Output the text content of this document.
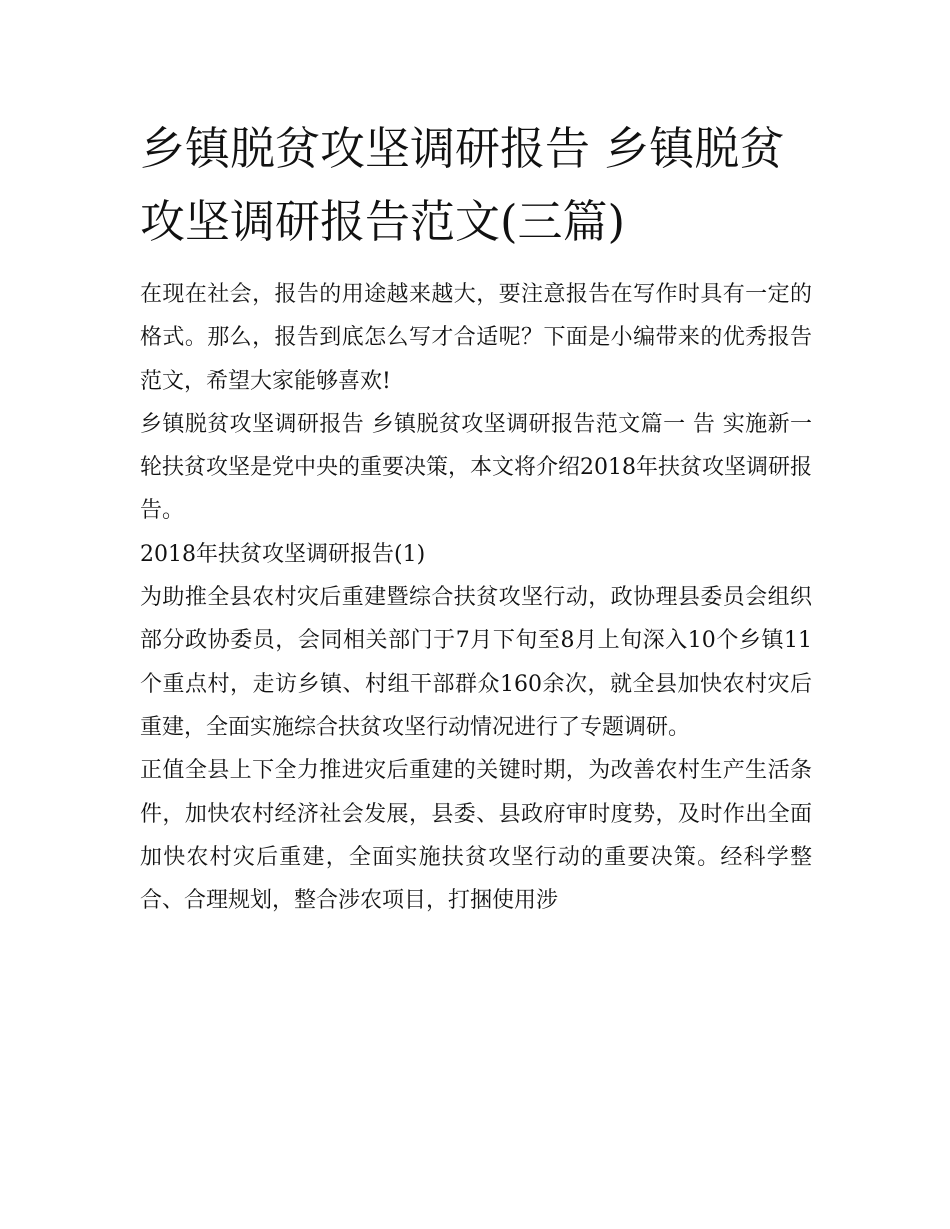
乡镇脱贫攻坚调研报告 乡镇脱贫攻坚调研报告范文(三篇)

在现在社会，报告的用途越来越大，要注意报告在写作时具有一定的格式。那么，报告到底怎么写才合适呢？下面是小编带来的优秀报告范文，希望大家能够喜欢!

乡镇脱贫攻坚调研报告 乡镇脱贫攻坚调研报告范文篇一 告 实施新一轮扶贫攻坚是党中央的重要决策，本文将介绍2018年扶贫攻坚调研报告。

2018年扶贫攻坚调研报告(1)

为助推全县农村灾后重建暨综合扶贫攻坚行动，政协理县委员会组织部分政协委员，会同相关部门于7月下旬至8月上旬深入10个乡镇11个重点村，走访乡镇、村组干部群众160余次，就全县加快农村灾后重建，全面实施综合扶贫攻坚行动情况进行了专题调研。

正值全县上下全力推进灾后重建的关键时期，为改善农村生产生活条件，加快农村经济社会发展，县委、县政府审时度势，及时作出全面加快农村灾后重建，全面实施扶贫攻坚行动的重要决策。经科学整合、合理规划，整合涉农项目，打捆使用涉
